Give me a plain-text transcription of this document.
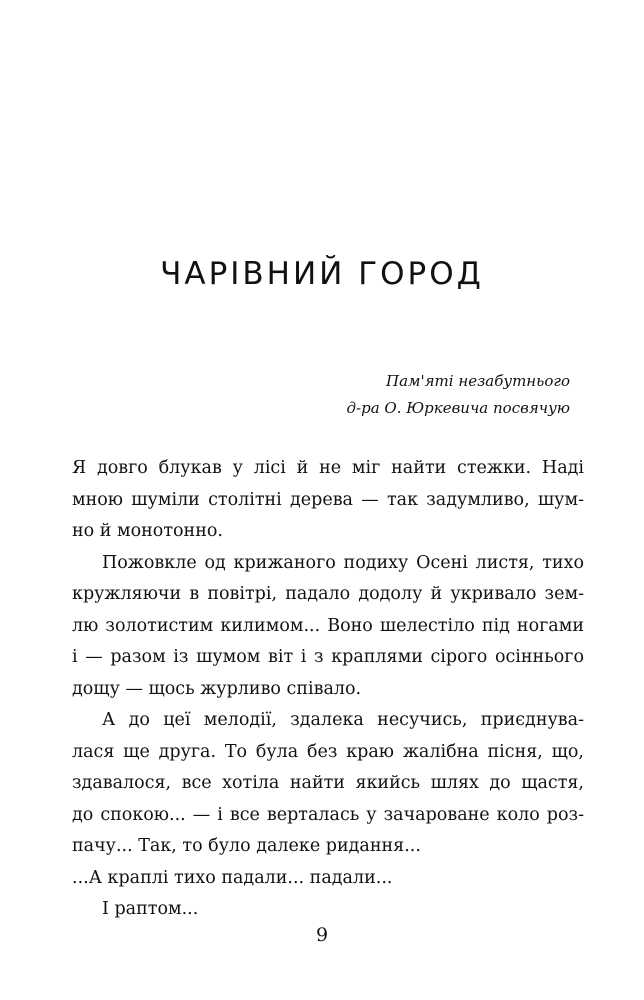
ЧАРІВНИЙ ГОРОД
Пам'яті незабутнього
д-ра О. Юркевича посвячую
Я довго блукав у лісі й не міг найти стежки. Наді
мною шуміли столітні дерева — так задумливо, шум-
но й монотонно.
Пожовкле од крижаного подиху Осені листя, тихо
кружляючи в повітрі, падало додолу й укривало зем-
лю золотистим килимом... Воно шелестіло під ногами
і — разом із шумом віт і з краплями сірого осіннього
дощу — щось журливо співало.
А до цеї мелодії, здалека несучись, приєднува-
лася ще друга. То була без краю жалібна пісня, що,
здавалося, все хотіла найти якийсь шлях до щастя,
до спокою... — і все верталась у зачароване коло роз-
пачу... Так, то було далеке ридання...
...А краплі тихо падали... падали...
І раптом...
9
